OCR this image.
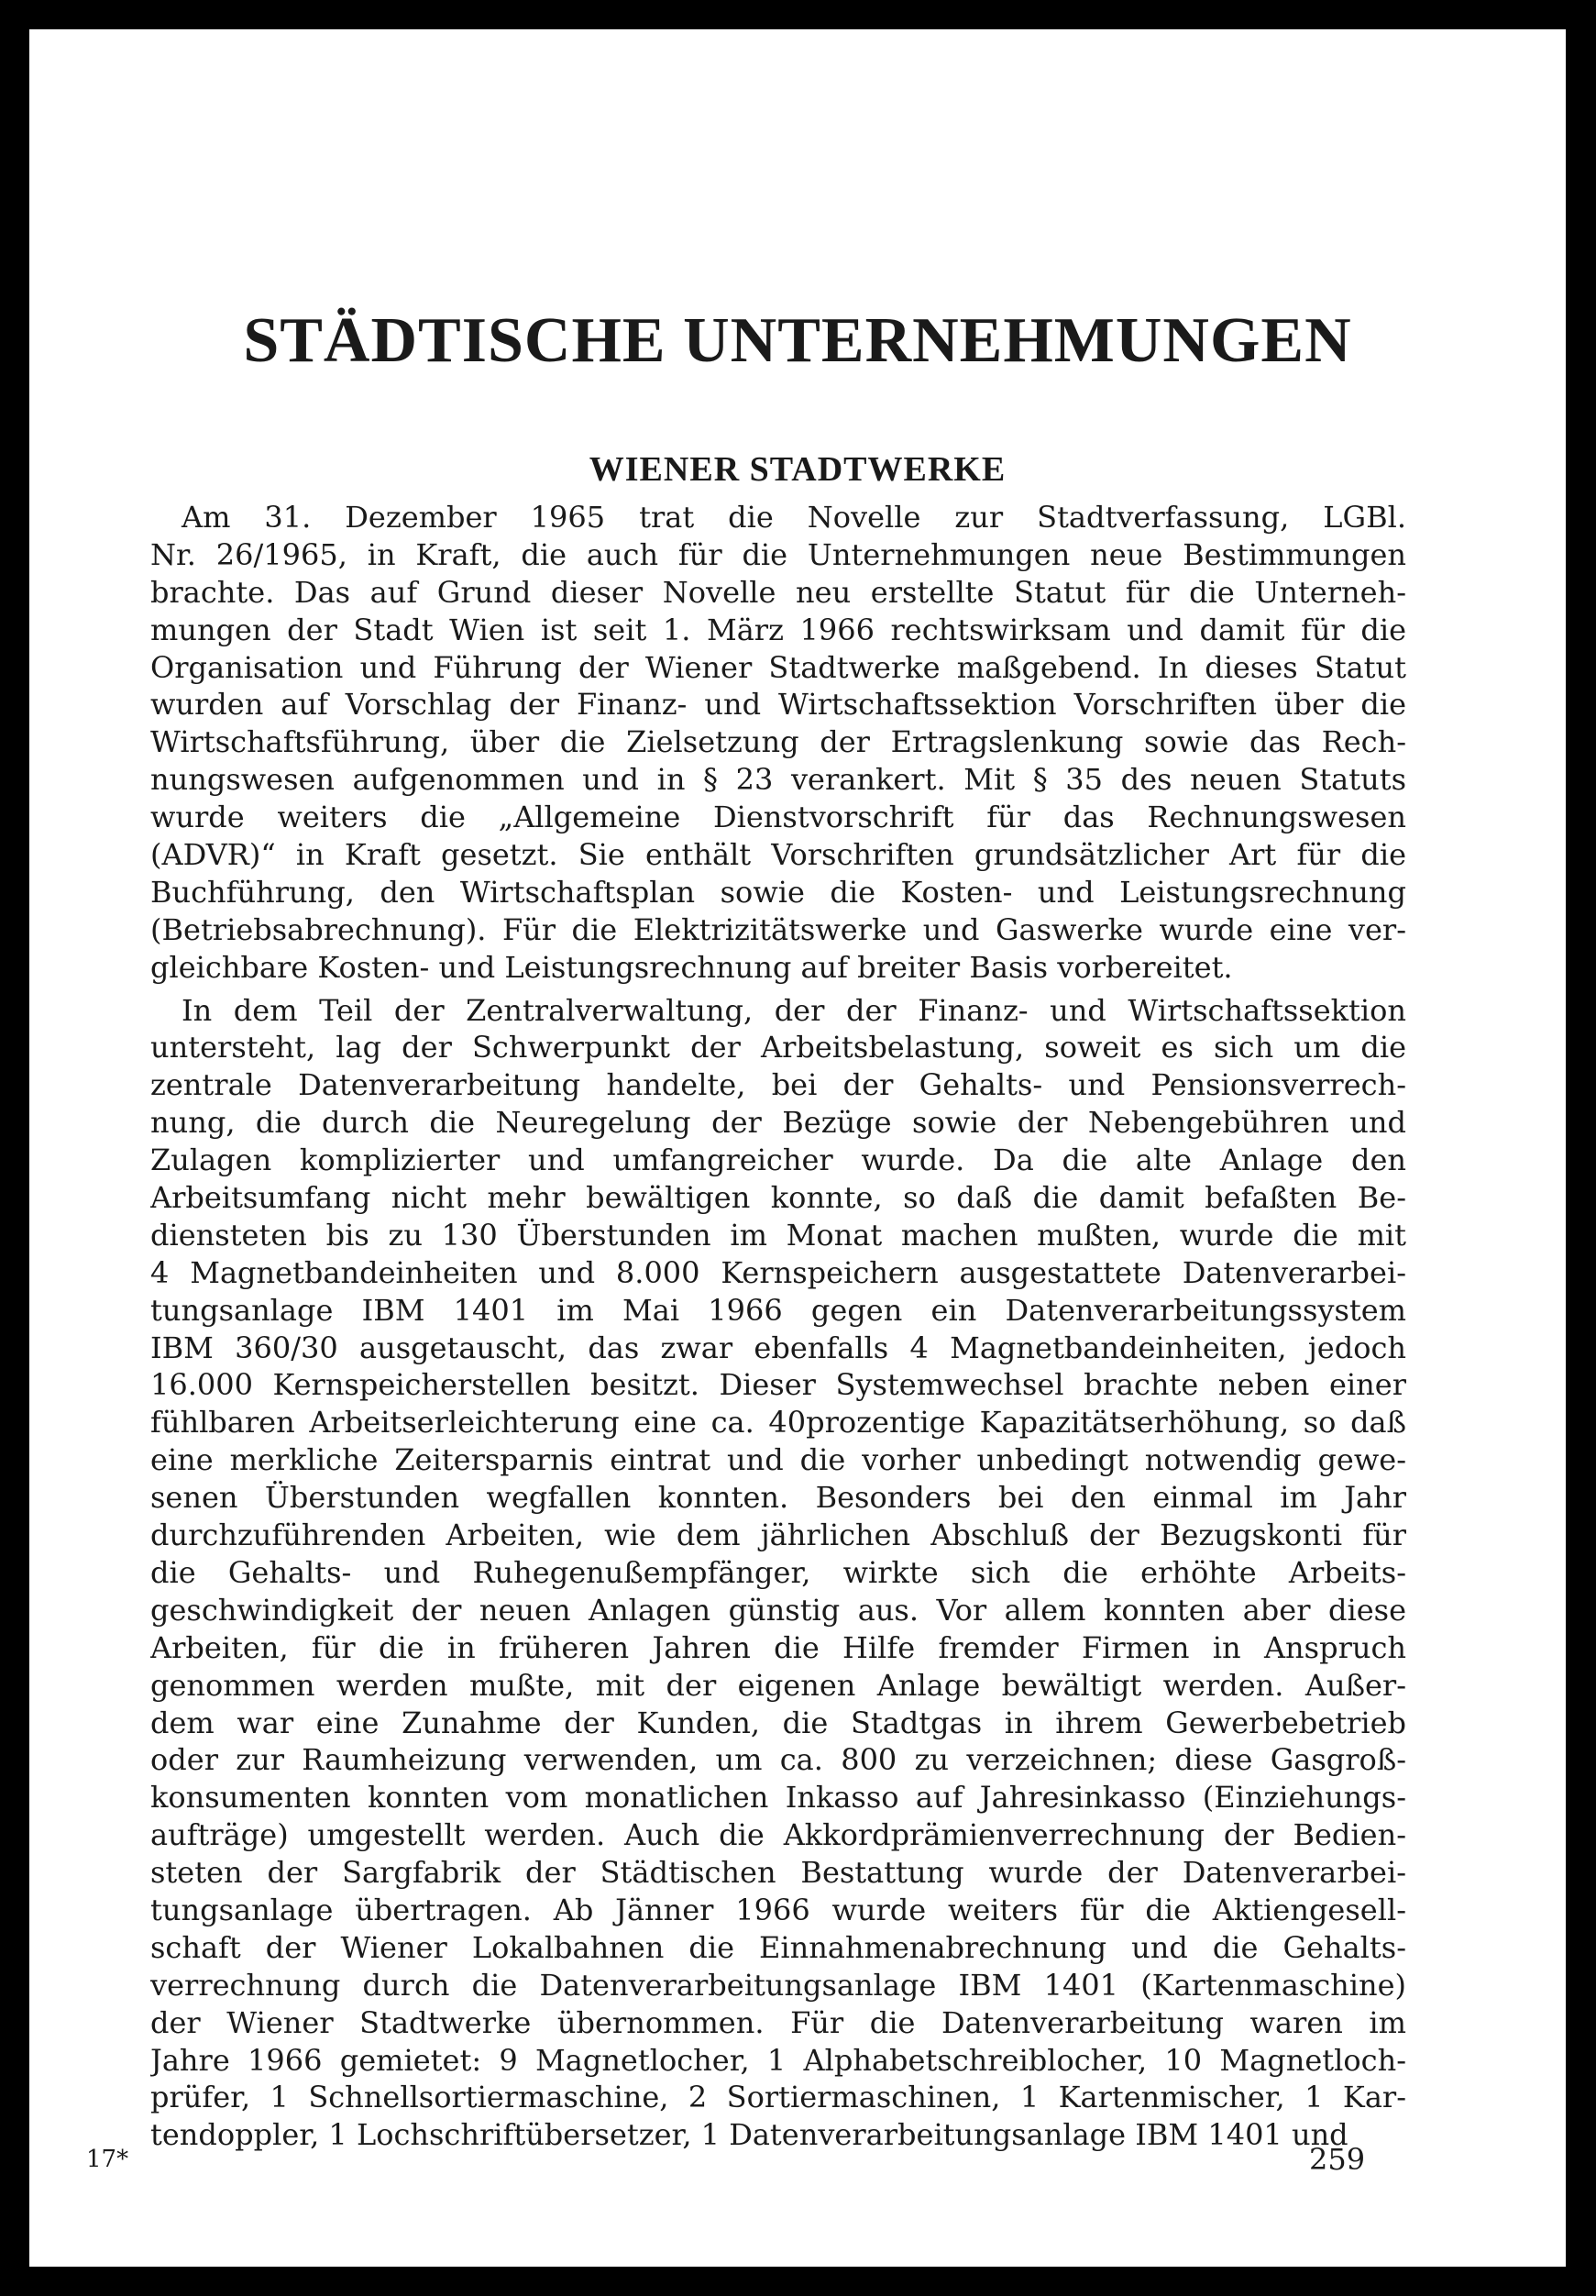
STÄDTISCHE UNTERNEHMUNGEN
WIENER STADTWERKE
Am 31. Dezember 1965 trat die Novelle zur Stadtverfassung, LGBl.
Nr. 26/1965, in Kraft, die auch für die Unternehmungen neue Bestimmungen
brachte. Das auf Grund dieser Novelle neu erstellte Statut für die Unterneh-
mungen der Stadt Wien ist seit 1. März 1966 rechtswirksam und damit für die
Organisation und Führung der Wiener Stadtwerke maßgebend. In dieses Statut
wurden auf Vorschlag der Finanz- und Wirtschaftssektion Vorschriften über die
Wirtschaftsführung, über die Zielsetzung der Ertragslenkung sowie das Rech-
nungswesen aufgenommen und in § 23 verankert. Mit § 35 des neuen Statuts
wurde weiters die „Allgemeine Dienstvorschrift für das Rechnungswesen
(ADVR)“ in Kraft gesetzt. Sie enthält Vorschriften grundsätzlicher Art für die
Buchführung, den Wirtschaftsplan sowie die Kosten- und Leistungsrechnung
(Betriebsabrechnung). Für die Elektrizitätswerke und Gaswerke wurde eine ver-
gleichbare Kosten- und Leistungsrechnung auf breiter Basis vorbereitet.
In dem Teil der Zentralverwaltung, der der Finanz- und Wirtschaftssektion
untersteht, lag der Schwerpunkt der Arbeitsbelastung, soweit es sich um die
zentrale Datenverarbeitung handelte, bei der Gehalts- und Pensionsverrech-
nung, die durch die Neuregelung der Bezüge sowie der Nebengebühren und
Zulagen komplizierter und umfangreicher wurde. Da die alte Anlage den
Arbeitsumfang nicht mehr bewältigen konnte, so daß die damit befaßten Be-
diensteten bis zu 130 Überstunden im Monat machen mußten, wurde die mit
4 Magnetbandeinheiten und 8.000 Kernspeichern ausgestattete Datenverarbei-
tungsanlage IBM 1401 im Mai 1966 gegen ein Datenverarbeitungssystem
IBM 360/30 ausgetauscht, das zwar ebenfalls 4 Magnetbandeinheiten, jedoch
16.000 Kernspeicherstellen besitzt. Dieser Systemwechsel brachte neben einer
fühlbaren Arbeitserleichterung eine ca. 40prozentige Kapazitätserhöhung, so daß
eine merkliche Zeitersparnis eintrat und die vorher unbedingt notwendig gewe-
senen Überstunden wegfallen konnten. Besonders bei den einmal im Jahr
durchzuführenden Arbeiten, wie dem jährlichen Abschluß der Bezugskonti für
die Gehalts- und Ruhegenußempfänger, wirkte sich die erhöhte Arbeits-
geschwindigkeit der neuen Anlagen günstig aus. Vor allem konnten aber diese
Arbeiten, für die in früheren Jahren die Hilfe fremder Firmen in Anspruch
genommen werden mußte, mit der eigenen Anlage bewältigt werden. Außer-
dem war eine Zunahme der Kunden, die Stadtgas in ihrem Gewerbebetrieb
oder zur Raumheizung verwenden, um ca. 800 zu verzeichnen; diese Gasgroß-
konsumenten konnten vom monatlichen Inkasso auf Jahresinkasso (Einziehungs-
aufträge) umgestellt werden. Auch die Akkordprämienverrechnung der Bedien-
steten der Sargfabrik der Städtischen Bestattung wurde der Datenverarbei-
tungsanlage übertragen. Ab Jänner 1966 wurde weiters für die Aktiengesell-
schaft der Wiener Lokalbahnen die Einnahmenabrechnung und die Gehalts-
verrechnung durch die Datenverarbeitungsanlage IBM 1401 (Kartenmaschine)
der Wiener Stadtwerke übernommen. Für die Datenverarbeitung waren im
Jahre 1966 gemietet: 9 Magnetlocher, 1 Alphabetschreiblocher, 10 Magnetloch-
prüfer, 1 Schnellsortiermaschine, 2 Sortiermaschinen, 1 Kartenmischer, 1 Kar-
tendoppler, 1 Lochschriftübersetzer, 1 Datenverarbeitungsanlage IBM 1401 und
17*	259
